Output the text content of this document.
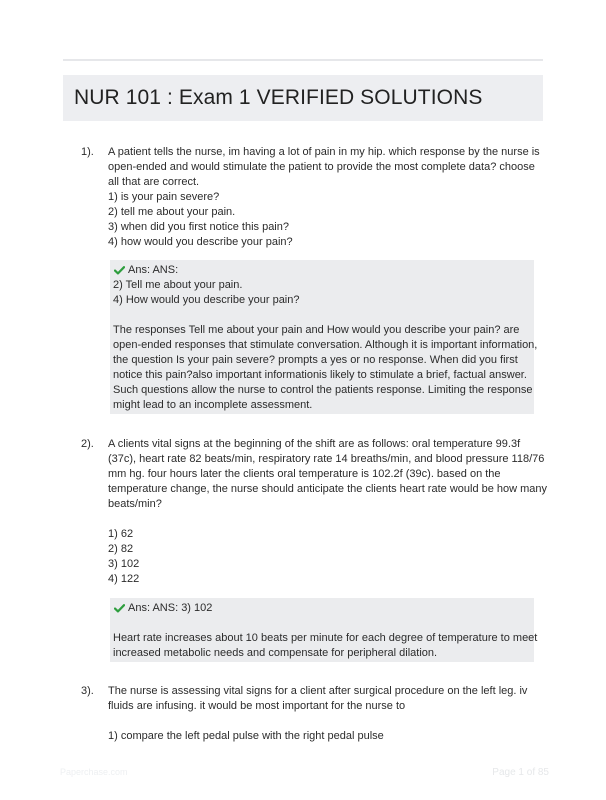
NUR 101 : Exam 1 VERIFIED SOLUTIONS
1). A patient tells the nurse, im having a lot of pain in my hip. which response by the nurse is
open-ended and would stimulate the patient to provide the most complete data? choose
all that are correct.
1) is your pain severe?
2) tell me about your pain.
3) when did you first notice this pain?
4) how would you describe your pain?
Ans: ANS:
2) Tell me about your pain.
4) How would you describe your pain?
The responses Tell me about your pain and How would you describe your pain? are
open-ended responses that stimulate conversation. Although it is important information,
the question Is your pain severe? prompts a yes or no response. When did you first
notice this pain?also important informationis likely to stimulate a brief, factual answer.
Such questions allow the nurse to control the patients response. Limiting the response
might lead to an incomplete assessment.
2). A clients vital signs at the beginning of the shift are as follows: oral temperature 99.3f
(37c), heart rate 82 beats/min, respiratory rate 14 breaths/min, and blood pressure 118/76
mm hg. four hours later the clients oral temperature is 102.2f (39c). based on the
temperature change, the nurse should anticipate the clients heart rate would be how many
beats/min?
1) 62
2) 82
3) 102
4) 122
Ans: ANS: 3) 102
Heart rate increases about 10 beats per minute for each degree of temperature to meet
increased metabolic needs and compensate for peripheral dilation.
3). The nurse is assessing vital signs for a client after surgical procedure on the left leg. iv
fluids are infusing. it would be most important for the nurse to
1) compare the left pedal pulse with the right pedal pulse
Paperchase.com	Page 1 of 85
